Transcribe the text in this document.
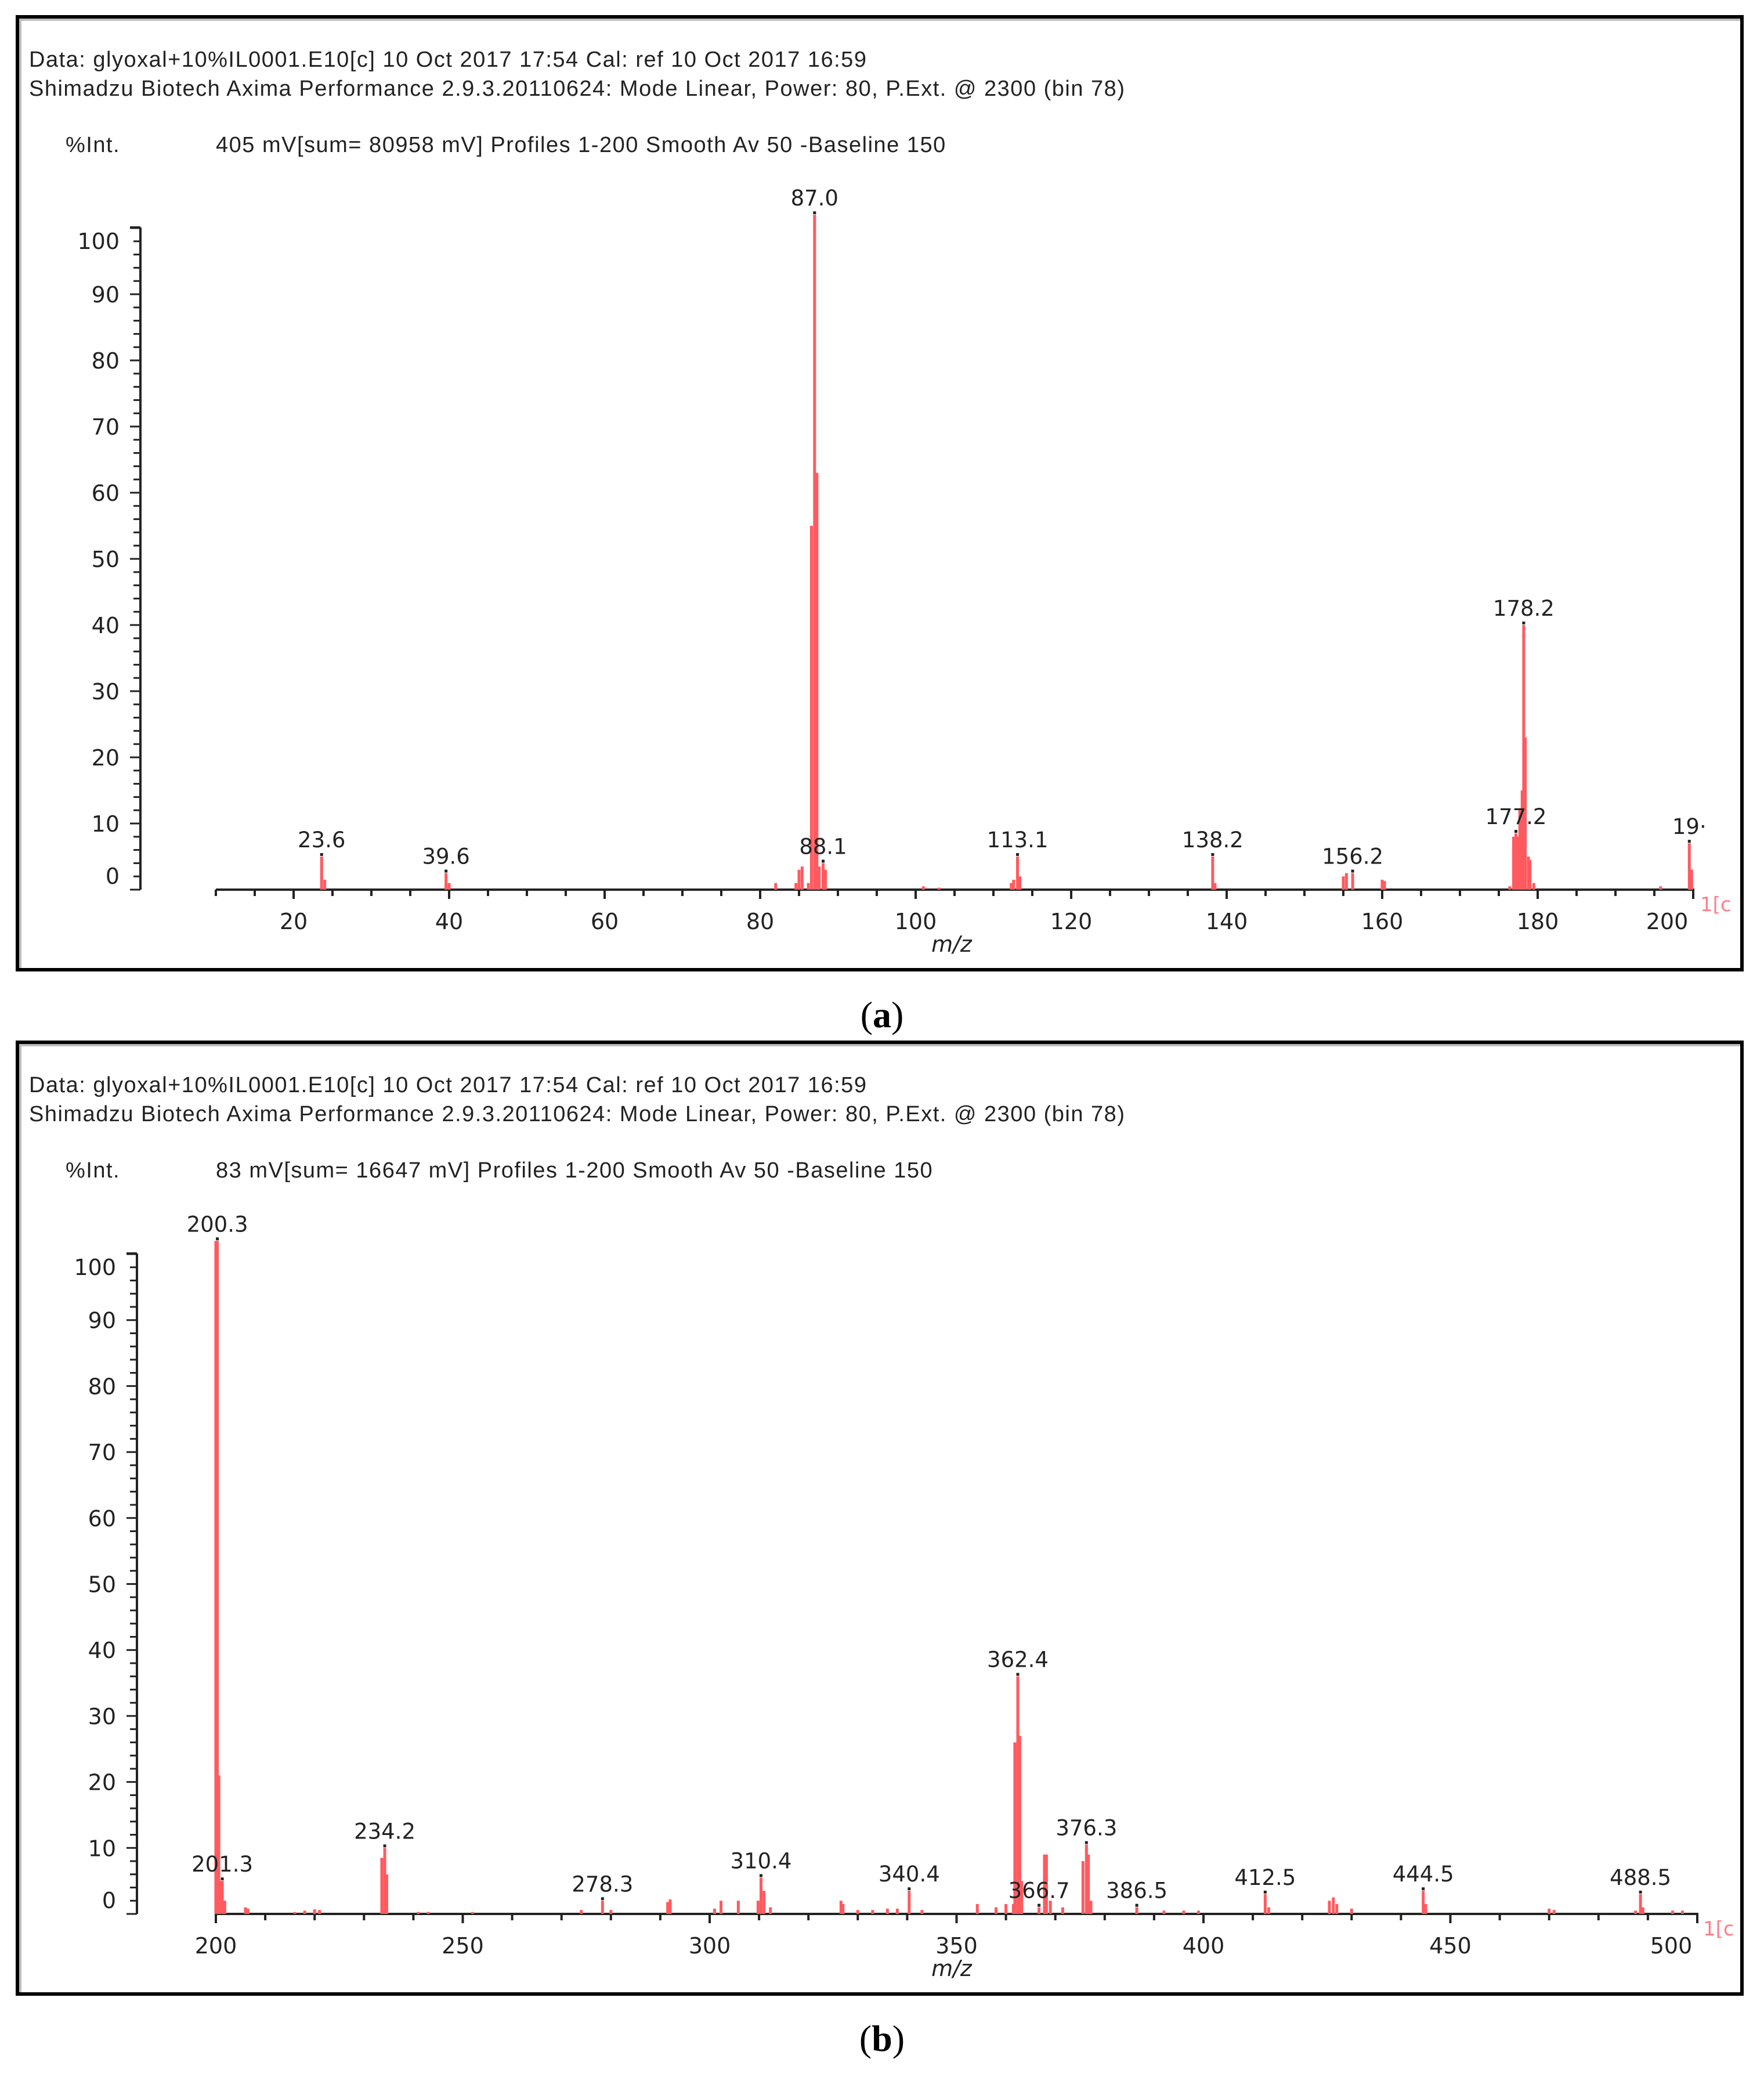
Data: glyoxal+10%IL0001.E10[c] 10 Oct 2017 17:54 Cal: ref 10 Oct 2017 16:59
Shimadzu Biotech Axima Performance 2.9.3.20110624: Mode Linear, Power: 80, P.Ext. @ 2300 (bin 78)
%Int.	405 mV[sum= 80958 mV] Profiles 1-200 Smooth Av 50 -Baseline 150
(a)
Data: glyoxal+10%IL0001.E10[c] 10 Oct 2017 17:54 Cal: ref 10 Oct 2017 16:59
Shimadzu Biotech Axima Performance 2.9.3.20110624: Mode Linear, Power: 80, P.Ext. @ 2300 (bin 78)
%Int.	83 mV[sum= 16647 mV] Profiles 1-200 Smooth Av 50 -Baseline 150
(b)
0
10
20
30
40
50
60
70
80
90
100
20	40	60	80	100	120	140	160	180	200
m/z
1[c
23.6
39.6
87.0
88.1	113.1	138.2
156.2
177.2
178.2
19·
0
10
20
30
40
50
60
70
80
90
100
200	250	300	350	400	450	500
m/z
1[c
200.3
201.3
234.2
278.3
310.4
340.4
362.4
366.7
376.3
386.5
412.5	444.5	488.5
